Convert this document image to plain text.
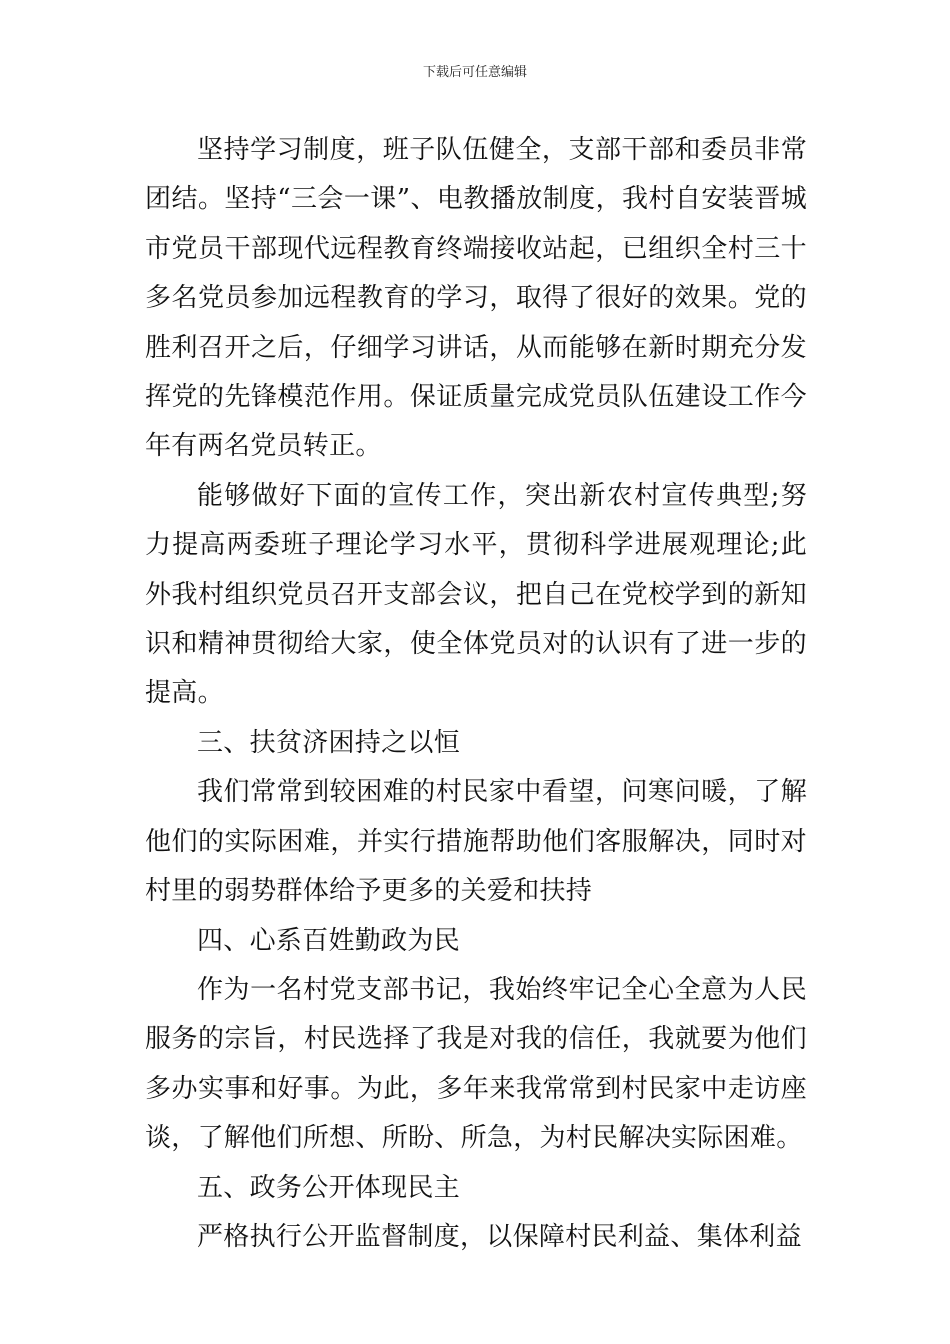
下载后可任意编辑

坚持学习制度，班子队伍健全，支部干部和委员非常团结。坚持“三会一课”、电教播放制度，我村自安装晋城市党员干部现代远程教育终端接收站起，已组织全村三十多名党员参加远程教育的学习，取得了很好的效果。党的胜利召开之后，仔细学习讲话，从而能够在新时期充分发挥党的先锋模范作用。保证质量完成党员队伍建设工作今年有两名党员转正。

能够做好下面的宣传工作，突出新农村宣传典型;努力提高两委班子理论学习水平，贯彻科学进展观理论;此外我村组织党员召开支部会议，把自己在党校学到的新知识和精神贯彻给大家，使全体党员对的认识有了进一步的提高。

三、扶贫济困持之以恒

我们常常到较困难的村民家中看望，问寒问暖，了解他们的实际困难，并实行措施帮助他们客服解决，同时对村里的弱势群体给予更多的关爱和扶持

四、心系百姓勤政为民

作为一名村党支部书记，我始终牢记全心全意为人民服务的宗旨，村民选择了我是对我的信任，我就要为他们多办实事和好事。为此，多年来我常常到村民家中走访座谈，了解他们所想、所盼、所急，为村民解决实际困难。

五、政务公开体现民主

严格执行公开监督制度，以保障村民利益、集体利益
